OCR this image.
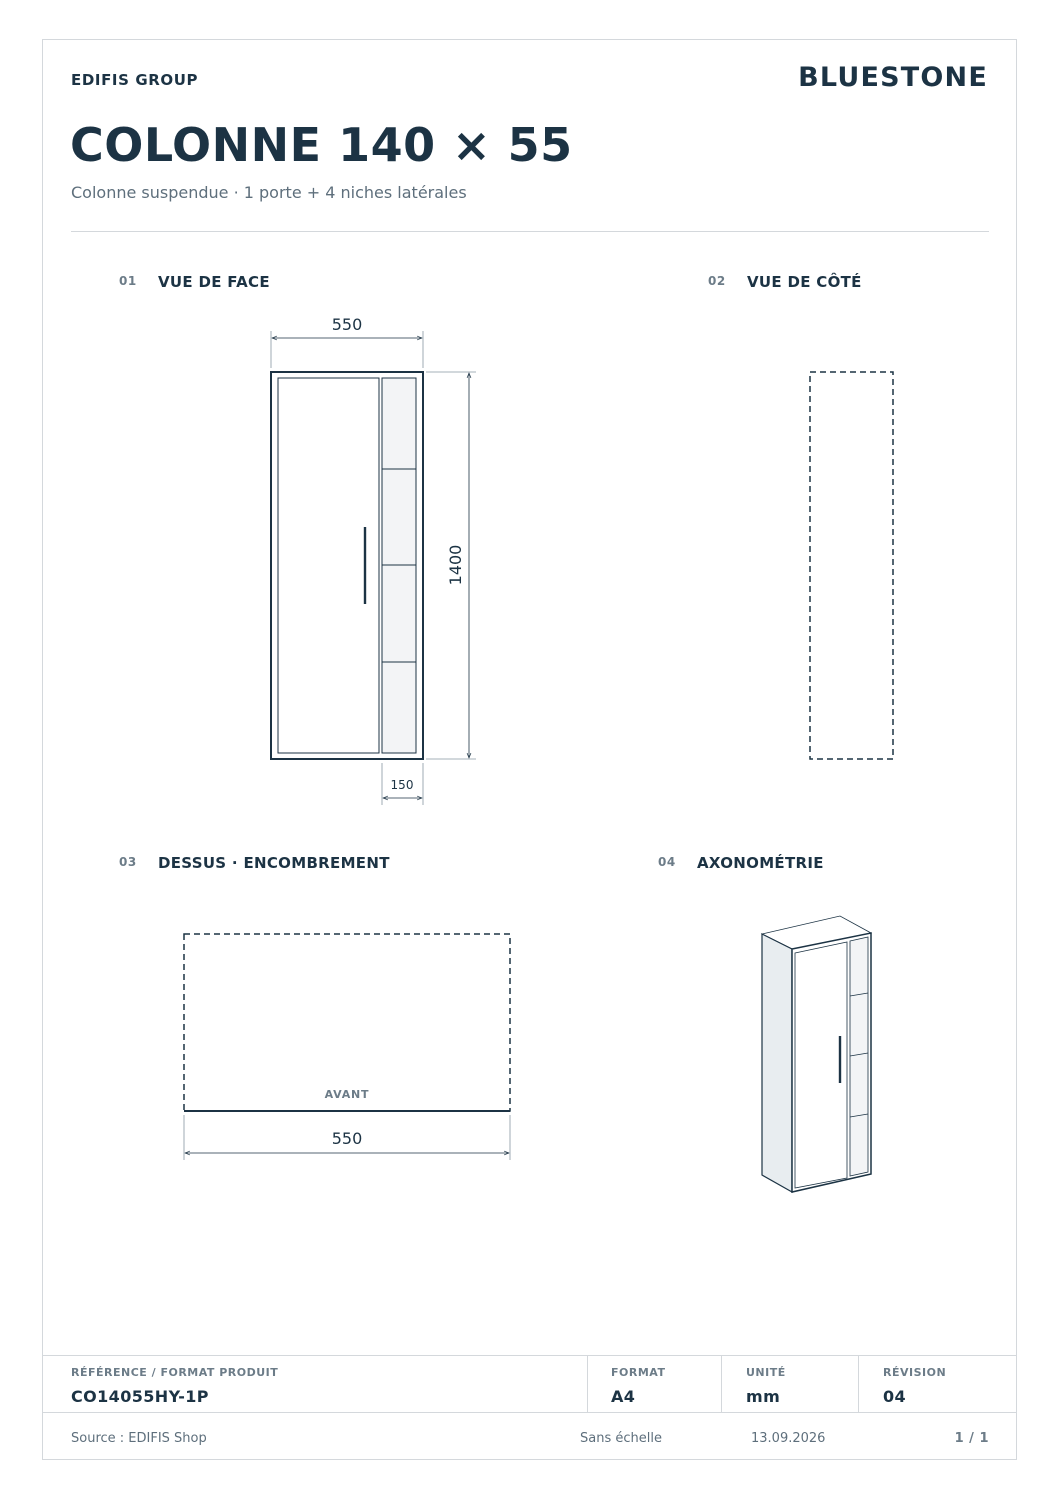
EDIFIS GROUP	BLUESTONE
COLONNE 140 × 55
Colonne suspendue · 1 porte + 4 niches latérales
01 VUE DE FACE	02 VUE DE CÔTÉ
03 DESSUS · ENCOMBREMENT	04 AXONOMÉTRIE
550
1400
150
AVANT
550
RÉFÉRENCE / FORMAT PRODUIT
CO14055HY-1P
FORMAT
A4
UNITÉ
mm
RÉVISION
04
Source : EDIFIS Shop	Sans échelle	13.09.2026	1 / 1
